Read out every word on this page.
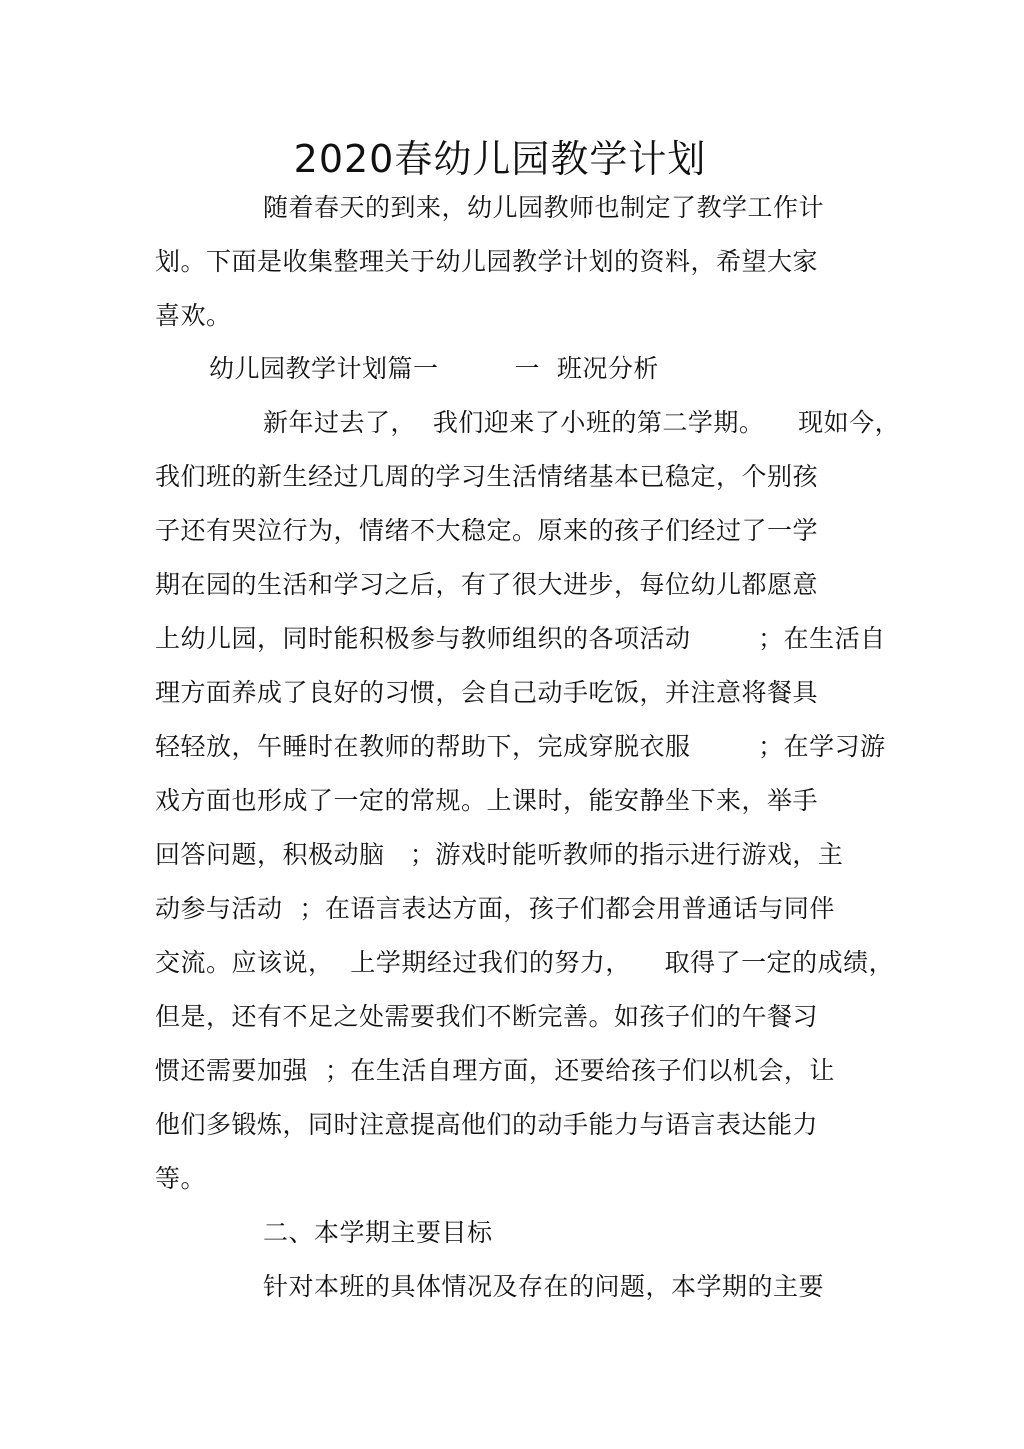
2020春幼儿园教学计划
随着春天的到来，幼儿园教师也制定了教学工作计
划。下面是收集整理关于幼儿园教学计划的资料，希望大家
喜欢。
幼儿园教学计划篇一         一  班况分析
新年过去了，  我们迎来了小班的第二学期。    现如今，
我们班的新生经过几周的学习生活情绪基本已稳定，个别孩
子还有哭泣行为，情绪不大稳定。原来的孩子们经过了一学
期在园的生活和学习之后，有了很大进步，每位幼儿都愿意
上幼儿园，同时能积极参与教师组织的各项活动        ；在生活自
理方面养成了良好的习惯，会自己动手吃饭，并注意将餐具
轻轻放，午睡时在教师的帮助下，完成穿脱衣服        ；在学习游
戏方面也形成了一定的常规。上课时，能安静坐下来，举手
回答问题，积极动脑   ；游戏时能听教师的指示进行游戏，主
动参与活动  ；在语言表达方面，孩子们都会用普通话与同伴
交流。应该说，  上学期经过我们的努力，    取得了一定的成绩，
但是，还有不足之处需要我们不断完善。如孩子们的午餐习
惯还需要加强  ；在生活自理方面，还要给孩子们以机会，让
他们多锻炼，同时注意提高他们的动手能力与语言表达能力
等。
二、本学期主要目标
针对本班的具体情况及存在的问题，本学期的主要
